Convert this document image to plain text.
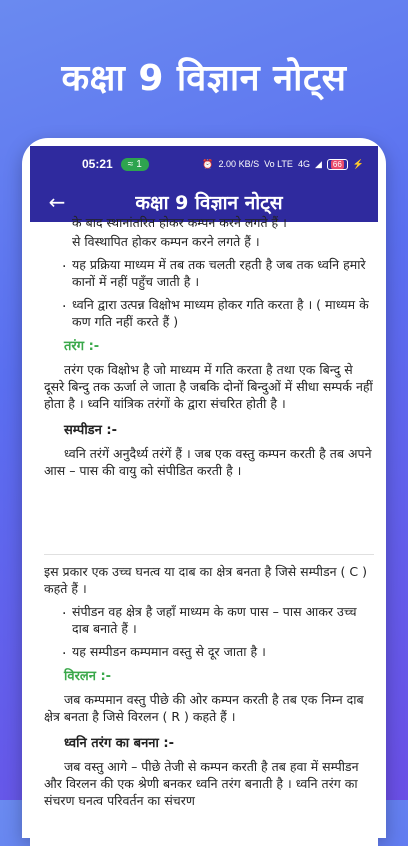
कक्षा 9 विज्ञान नोट्स
05:21 ≈ 1	⏰ 2.00 KB/S Vo LTE 4G ◢ 66 ⚡
←	कक्षा 9 विज्ञान नोट्स
के बाद स्थानांतरित होकर कम्पन करने लगते हैं ।
से विस्थापित होकर कम्पन करने लगते हैं ।
. यह प्रक्रिया माध्यम में तब तक चलती रहती है जब तक ध्वनि हमारे कानों में नहीं पहुँच जाती है ।
. ध्वनि द्वारा उत्पन्न विक्षोभ माध्यम होकर गति करता है । ( माध्यम के कण गति नहीं करते हैं )
तरंग :-
तरंग एक विक्षोभ है जो माध्यम में गति करता है तथा एक बिन्दु से दूसरे बिन्दु तक ऊर्जा ले जाता है जबकि दोनों बिन्दुओं में सीधा सम्पर्क नहीं होता है । ध्वनि यांत्रिक तरंगों के द्वारा संचरित होती है ।
सम्पीडन :-
ध्वनि तरंगें अनुदैर्ध्य तरंगें हैं । जब एक वस्तु कम्पन करती है तब अपने आस – पास की वायु को संपीडित करती है ।
इस प्रकार एक उच्च घनत्व या दाब का क्षेत्र बनता है जिसे सम्पीडन ( C ) कहते हैं ।
. संपीडन वह क्षेत्र है जहाँ माध्यम के कण पास – पास आकर उच्च दाब बनाते हैं ।
. यह सम्पीडन कम्पमान वस्तु से दूर जाता है ।
विरलन :-
जब कम्पमान वस्तु पीछे की ओर कम्पन करती है तब एक निम्न दाब क्षेत्र बनता है जिसे विरलन ( R ) कहते हैं ।
ध्वनि तरंग का बनना :-
जब वस्तु आगे – पीछे तेजी से कम्पन करती है तब हवा में सम्पीडन और विरलन की एक श्रेणी बनकर ध्वनि तरंग बनाती है । ध्वनि तरंग का संचरण घनत्व परिवर्तन का संचरण
